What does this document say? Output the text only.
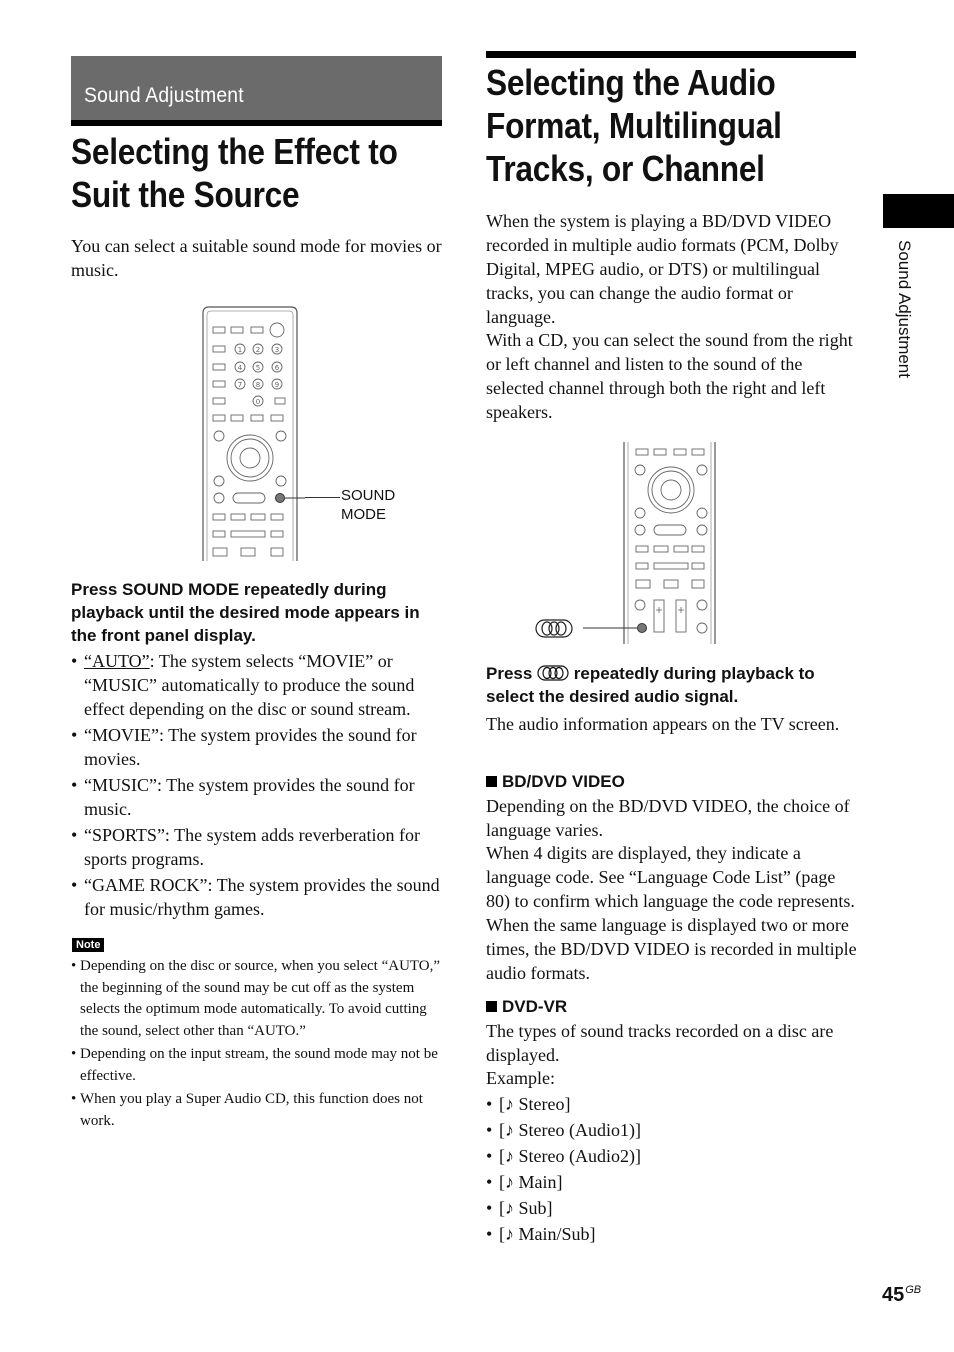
Sound Adjustment
Selecting the Effect to
Suit the Source
You can select a suitable sound mode for movies or music.
1 2 3
4 5 6
7 8 9
0
SOUND
MODE
Press SOUND MODE repeatedly during playback until the desired mode appears in the front panel display.
• “AUTO”: The system selects “MOVIE” or “MUSIC” automatically to produce the sound effect depending on the disc or sound stream.
• “MOVIE”: The system provides the sound for movies.
• “MUSIC”: The system provides the sound for music.
• “SPORTS”: The system adds reverberation for sports programs.
• “GAME ROCK”: The system provides the sound for music/rhythm games.
Note
• Depending on the disc or source, when you select “AUTO,” the beginning of the sound may be cut off as the system selects the optimum mode automatically. To avoid cutting the sound, select other than “AUTO.”
• Depending on the input stream, the sound mode may not be effective.
• When you play a Super Audio CD, this function does not work.
Selecting the Audio
Format, Multilingual
Tracks, or Channel
When the system is playing a BD/DVD VIDEO recorded in multiple audio formats (PCM, Dolby Digital, MPEG audio, or DTS) or multilingual tracks, you can change the audio format or language.
With a CD, you can select the sound from the right or left channel and listen to the sound of the selected channel through both the right and left speakers.
Press repeatedly during playback to select the desired audio signal.
The audio information appears on the TV screen.
BD/DVD VIDEO
Depending on the BD/DVD VIDEO, the choice of language varies.
When 4 digits are displayed, they indicate a language code. See “Language Code List” (page 80) to confirm which language the code represents. When the same language is displayed two or more times, the BD/DVD VIDEO is recorded in multiple audio formats.
DVD-VR
The types of sound tracks recorded on a disc are displayed.
Example:
• [♪ Stereo]
• [♪ Stereo (Audio1)]
• [♪ Stereo (Audio2)]
• [♪ Main]
• [♪ Sub]
• [♪ Main/Sub]
Sound Adjustment
$45^{GB}$
